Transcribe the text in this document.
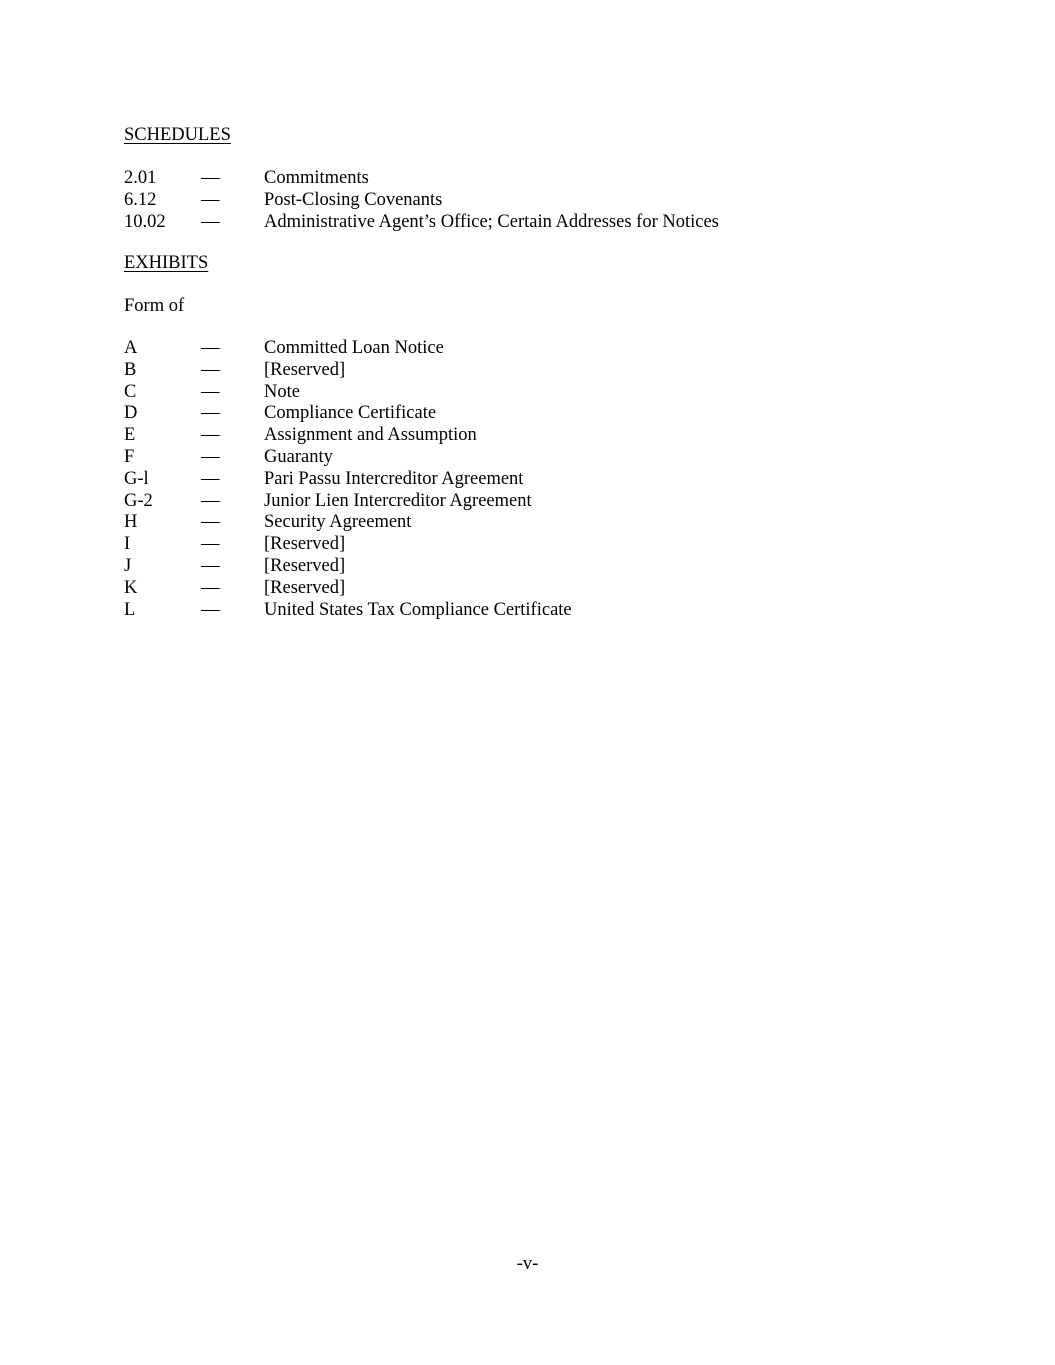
SCHEDULES
2.01	—	Commitments
6.12	—	Post-Closing Covenants
10.02	—	Administrative Agent’s Office; Certain Addresses for Notices
EXHIBITS
Form of
A	—	Committed Loan Notice
B	—	[Reserved]
C	—	Note
D	—	Compliance Certificate
E	—	Assignment and Assumption
F	—	Guaranty
G-l	—	Pari Passu Intercreditor Agreement
G-2	—	Junior Lien Intercreditor Agreement
H	—	Security Agreement
I	—	[Reserved]
J	—	[Reserved]
K	—	[Reserved]
L	—	United States Tax Compliance Certificate
-v-
